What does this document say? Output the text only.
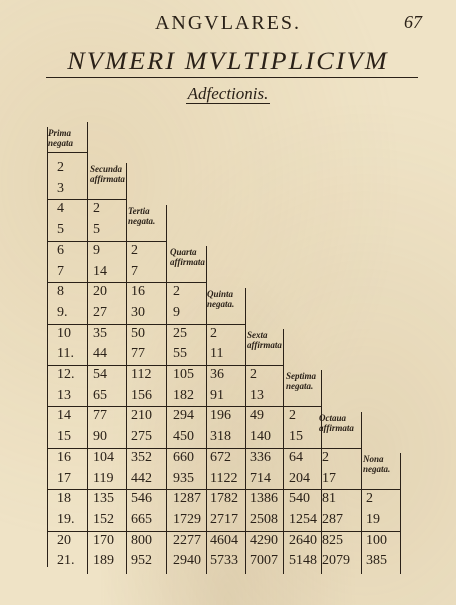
ANGVLARES.	67
NVMERI MVLTIPLICIVM
Adfectionis.
Prima
negata
Secunda
affirmata
Tertia
negata.
Quarta
affirmata
Quinta
negata.
Sexta
affirmata
Septima
negata.
Octaua
affirmata
Nona
negata.
2
3
4
5
6
7
8
9.
10
11.
12.
13
14
15
16
17
18
19.
20
21.
2
5
9
14
20
27
35
44
54
65
77
90
104
119
135
152
170
189
2
7
16
30
50
77
112
156
210
275
352
442
546
665
800
952
2
9
25
55
105
182
294
450
660
935
1287
1729
2277
2940
2
11
36
91
196
318
672
1122
1782
2717
4604
5733
2
13
49
140
336
714
1386
2508
4290
7007
2
15
64
204
540
1254
2640
5148
2
17
81
287
825
2079
2
19
100
385
